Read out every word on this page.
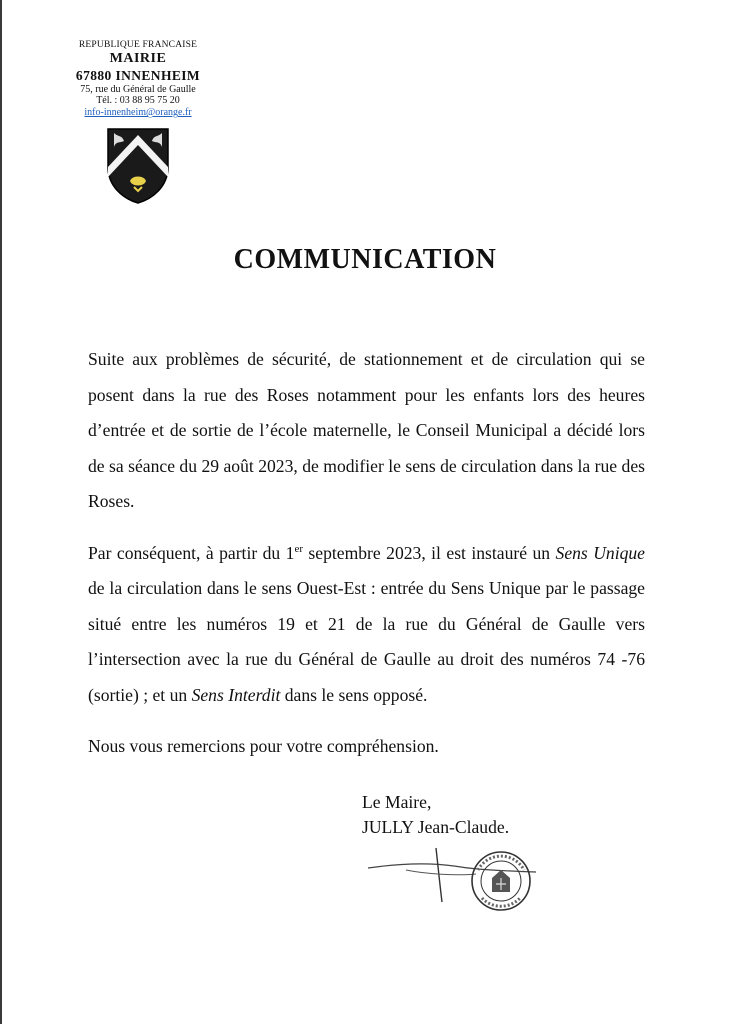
REPUBLIQUE FRANCAISE
MAIRIE
67880 INNENHEIM
75, rue du Général de Gaulle
Tél. : 03 88 95 75 20
info-innenheim@orange.fr
COMMUNICATION

Suite aux problèmes de sécurité, de stationnement et de circulation qui se posent dans la rue des Roses notamment pour les enfants lors des heures d’entrée et de sortie de l’école maternelle, le Conseil Municipal a décidé lors de sa séance du 29 août 2023, de modifier le sens de circulation dans la rue des Roses.

Par conséquent, à partir du 1er septembre 2023, il est instauré un Sens Unique de la circulation dans le sens Ouest-Est : entrée du Sens Unique par le passage situé entre les numéros 19 et 21 de la rue du Général de Gaulle vers l’intersection avec la rue du Général de Gaulle au droit des numéros 74 -76 (sortie) ; et un Sens Interdit dans le sens opposé.

Nous vous remercions pour votre compréhension.

Le Maire,
JULLY Jean-Claude.
